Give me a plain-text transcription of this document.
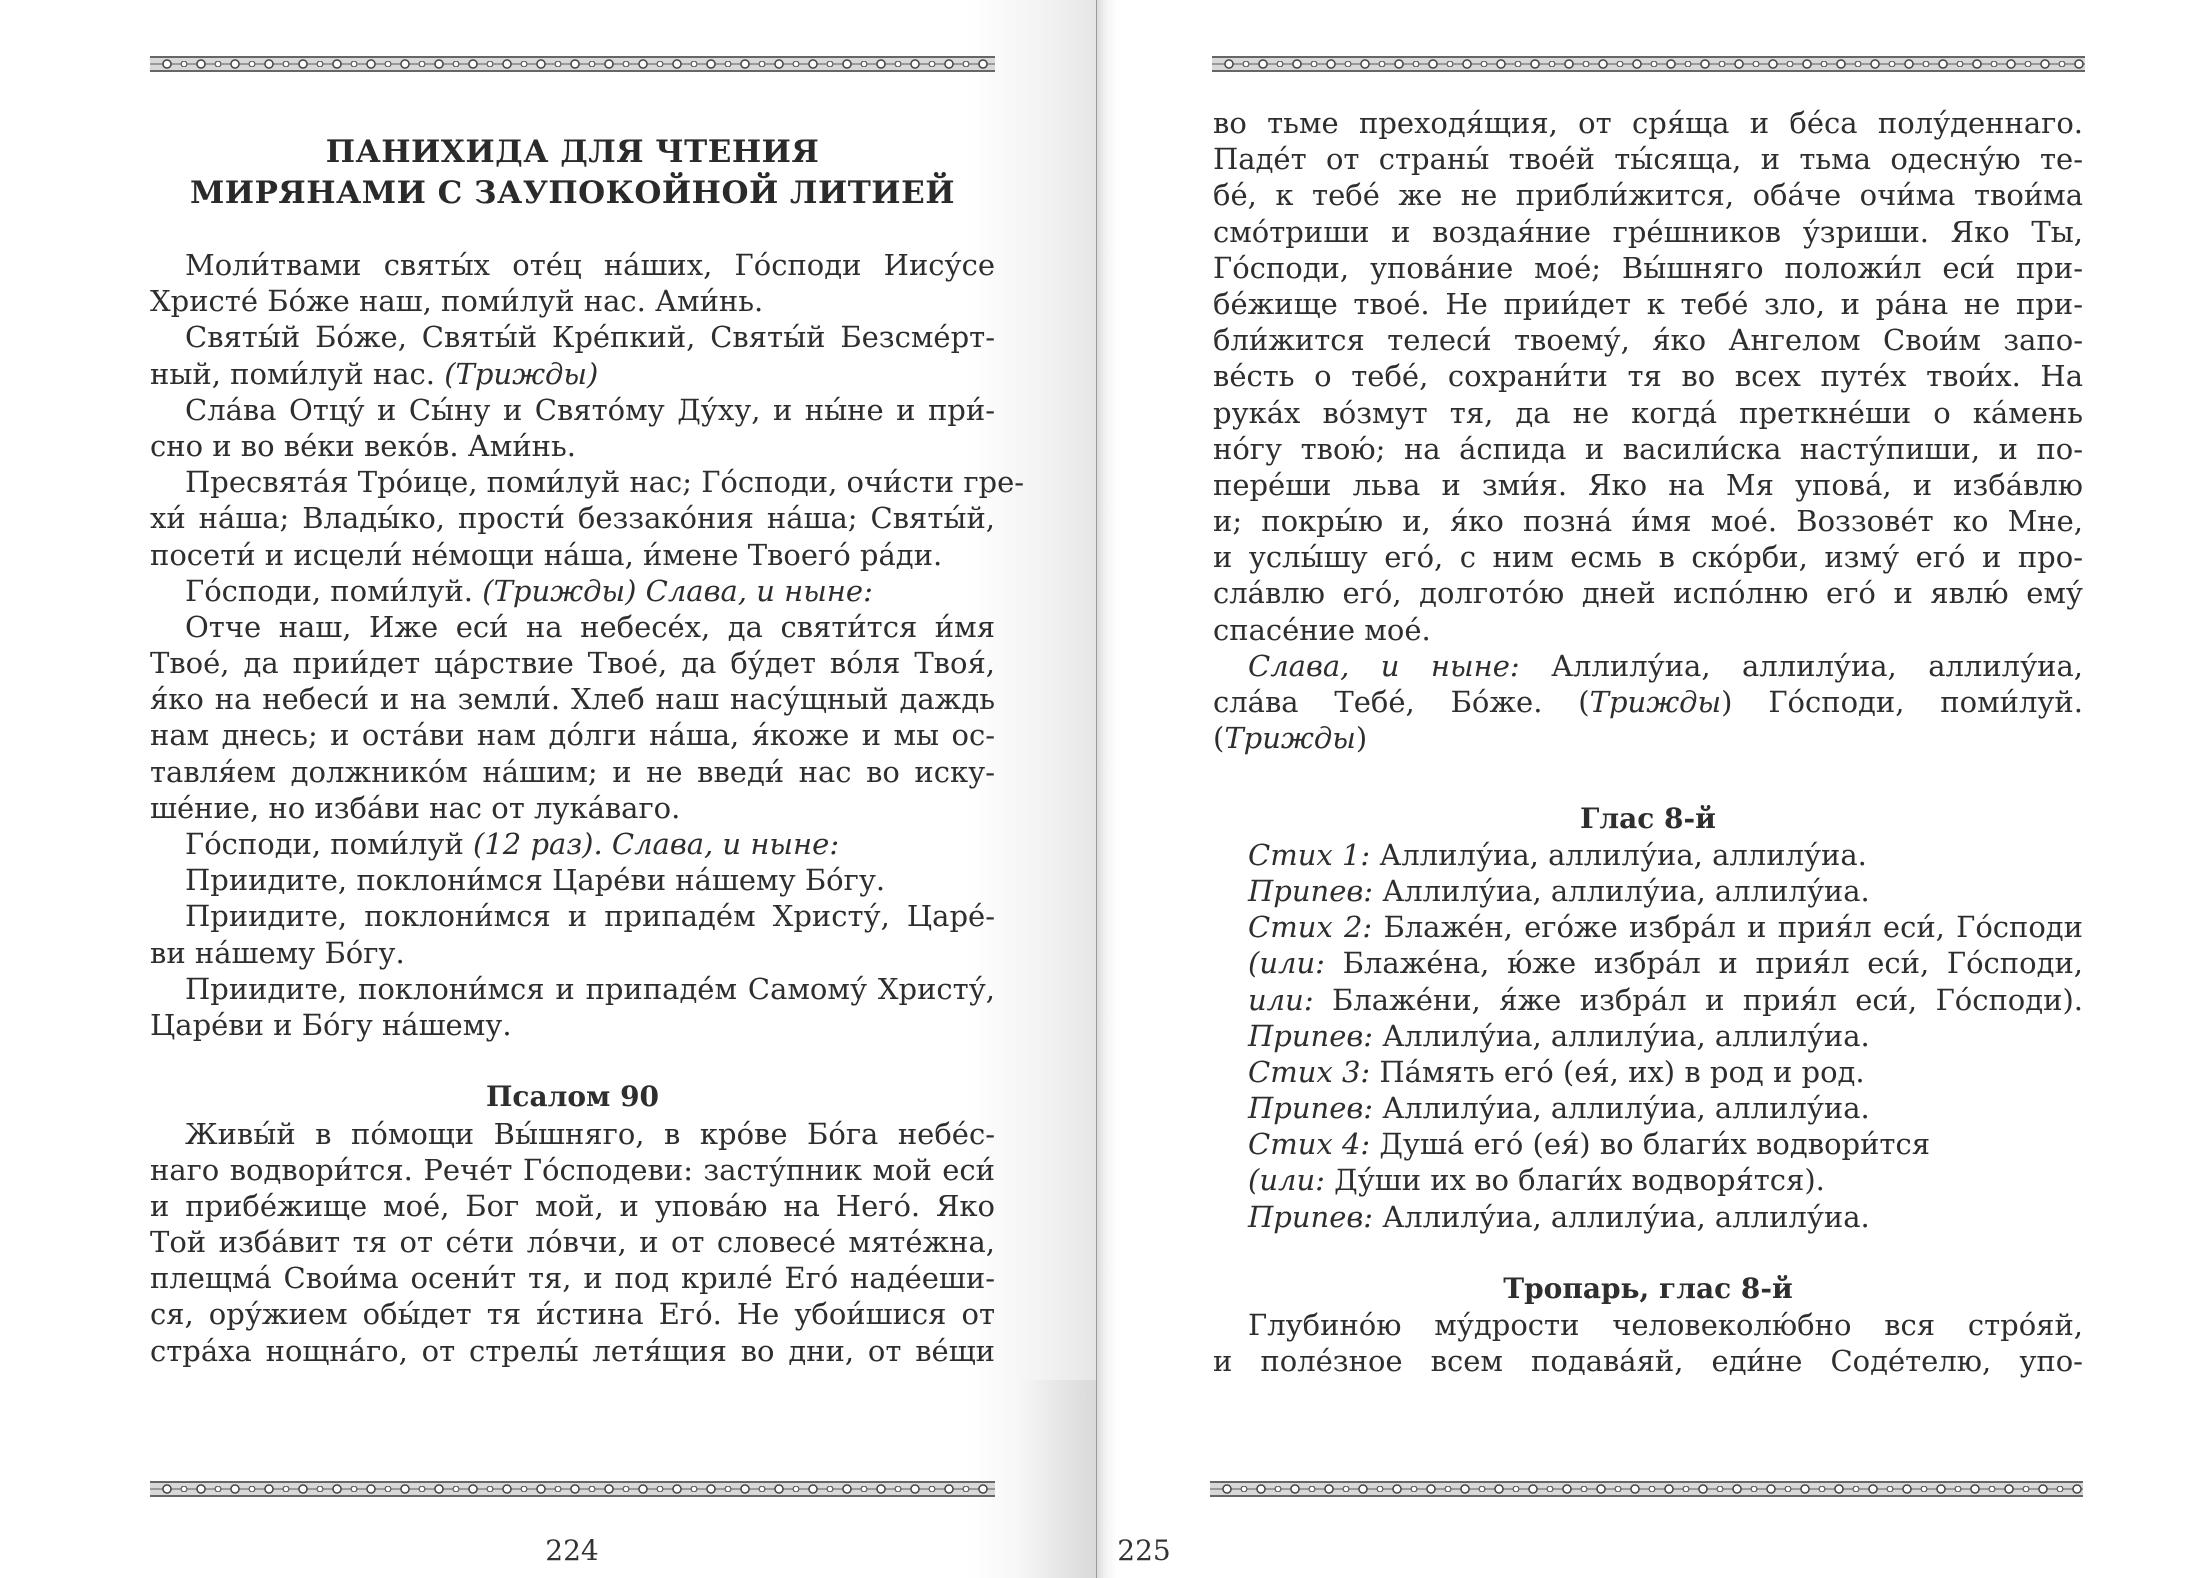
ПАНИХИДА ДЛЯ ЧТЕНИЯ
МИРЯНАМИ С ЗАУПОКОЙНОЙ ЛИТИЕЙ
Моли́твами святы́х оте́ц на́ших, Го́споди Иису́се
Христе́ Бо́же наш, поми́луй нас. Ами́нь.
Святы́й Бо́же, Святы́й Кре́пкий, Святы́й Безсме́рт-
ный, поми́луй нас. (Трижды)
Сла́ва Отцу́ и Сы́ну и Свято́му Ду́ху, и ны́не и при́-
сно и во ве́ки веко́в. Ами́нь.
Пресвята́я Тро́ице, поми́луй нас; Го́споди, очи́сти гре-
хи́ на́ша; Влады́ко, прости́ беззако́ния на́ша; Святы́й,
посети́ и исцели́ не́мощи на́ша, и́мене Твоего́ ра́ди.
Го́споди, поми́луй. (Трижды) Слава, и ныне:
Отче наш, Иже еси́ на небесе́х, да святи́тся и́мя
Твое́, да прии́дет ца́рствие Твое́, да бу́дет во́ля Твоя́,
я́ко на небеси́ и на земли́. Хлеб наш насу́щный даждь
нам днесь; и оста́ви нам до́лги на́ша, я́коже и мы ос-
тавля́ем должнико́м на́шим; и не введи́ нас во иску-
ше́ние, но изба́ви нас от лука́ваго.
Го́споди, поми́луй (12 раз). Слава, и ныне:
Приидите, поклони́мся Царе́ви на́шему Бо́гу.
Приидите, поклони́мся и припаде́м Христу́, Царе́-
ви на́шему Бо́гу.
Приидите, поклони́мся и припаде́м Самому́ Христу́,
Царе́ви и Бо́гу на́шему.
Псалом 90
Живы́й в по́мощи Вы́шняго, в кро́ве Бо́га небе́с-
наго водвори́тся. Рече́т Го́сподеви: засту́пник мой еси́
и прибе́жище мое́, Бог мой, и упова́ю на Него́. Яко
Той изба́вит тя от се́ти ло́вчи, и от словесе́ мяте́жна,
плещма́ Свои́ма осени́т тя, и под криле́ Его́ наде́еши-
ся, ору́жием обы́дет тя и́стина Его́. Не убои́шися от
стра́ха нощна́го, от стрелы́ летя́щия во дни, от ве́щи
224
во тьме преходя́щия, от сря́ща и бе́са полу́деннаго.
Паде́т от страны́ твое́й ты́сяща, и тьма одесну́ю те-
бе́, к тебе́ же не прибли́жится, оба́че очи́ма твои́ма
смо́триши и воздая́ние гре́шников у́зриши. Яко Ты,
Го́споди, упова́ние мое́; Вы́шняго положи́л еси́ при-
бе́жище твое́. Не прии́дет к тебе́ зло, и ра́на не при-
бли́жится телеси́ твоему́, я́ко Ангелом Свои́м запо-
ве́сть о тебе́, сохрани́ти тя во всех путе́х твои́х. На
рука́х во́змут тя, да не когда́ преткне́ши о ка́мень
но́гу твою́; на а́спида и васили́ска насту́пиши, и по-
пере́ши льва и зми́я. Яко на Мя упова́, и изба́влю
и; покры́ю и, я́ко позна́ и́мя мое́. Воззове́т ко Мне,
и услы́шу его́, с ним есмь в ско́рби, изму́ его́ и про-
сла́влю его́, долгото́ю дней испо́лню его́ и явлю́ ему́
спасе́ние мое́.
Слава, и ныне: Аллилу́иа, аллилу́иа, аллилу́иа,
сла́ва Тебе́, Бо́же. (Трижды) Го́споди, поми́луй.
(Трижды)
Глас 8-й
Стих 1: Аллилу́иа, аллилу́иа, аллилу́иа.
Припев: Аллилу́иа, аллилу́иа, аллилу́иа.
Стих 2: Блаже́н, его́же избра́л и прия́л еси́, Го́споди
(или: Блаже́на, ю́же избра́л и прия́л еси́, Го́споди,
или: Блаже́ни, я́же избра́л и прия́л еси́, Го́споди).
Припев: Аллилу́иа, аллилу́иа, аллилу́иа.
Стих 3: Па́мять его́ (ея́, их) в род и род.
Припев: Аллилу́иа, аллилу́иа, аллилу́иа.
Стих 4: Душа́ его́ (ея́) во благи́х водвори́тся
(или: Ду́ши их во благи́х водворя́тся).
Припев: Аллилу́иа, аллилу́иа, аллилу́иа.
Тропарь, глас 8-й
Глубино́ю му́дрости человеколю́бно вся стро́яй,
и поле́зное всем подава́яй, еди́не Соде́телю, упо-
225
